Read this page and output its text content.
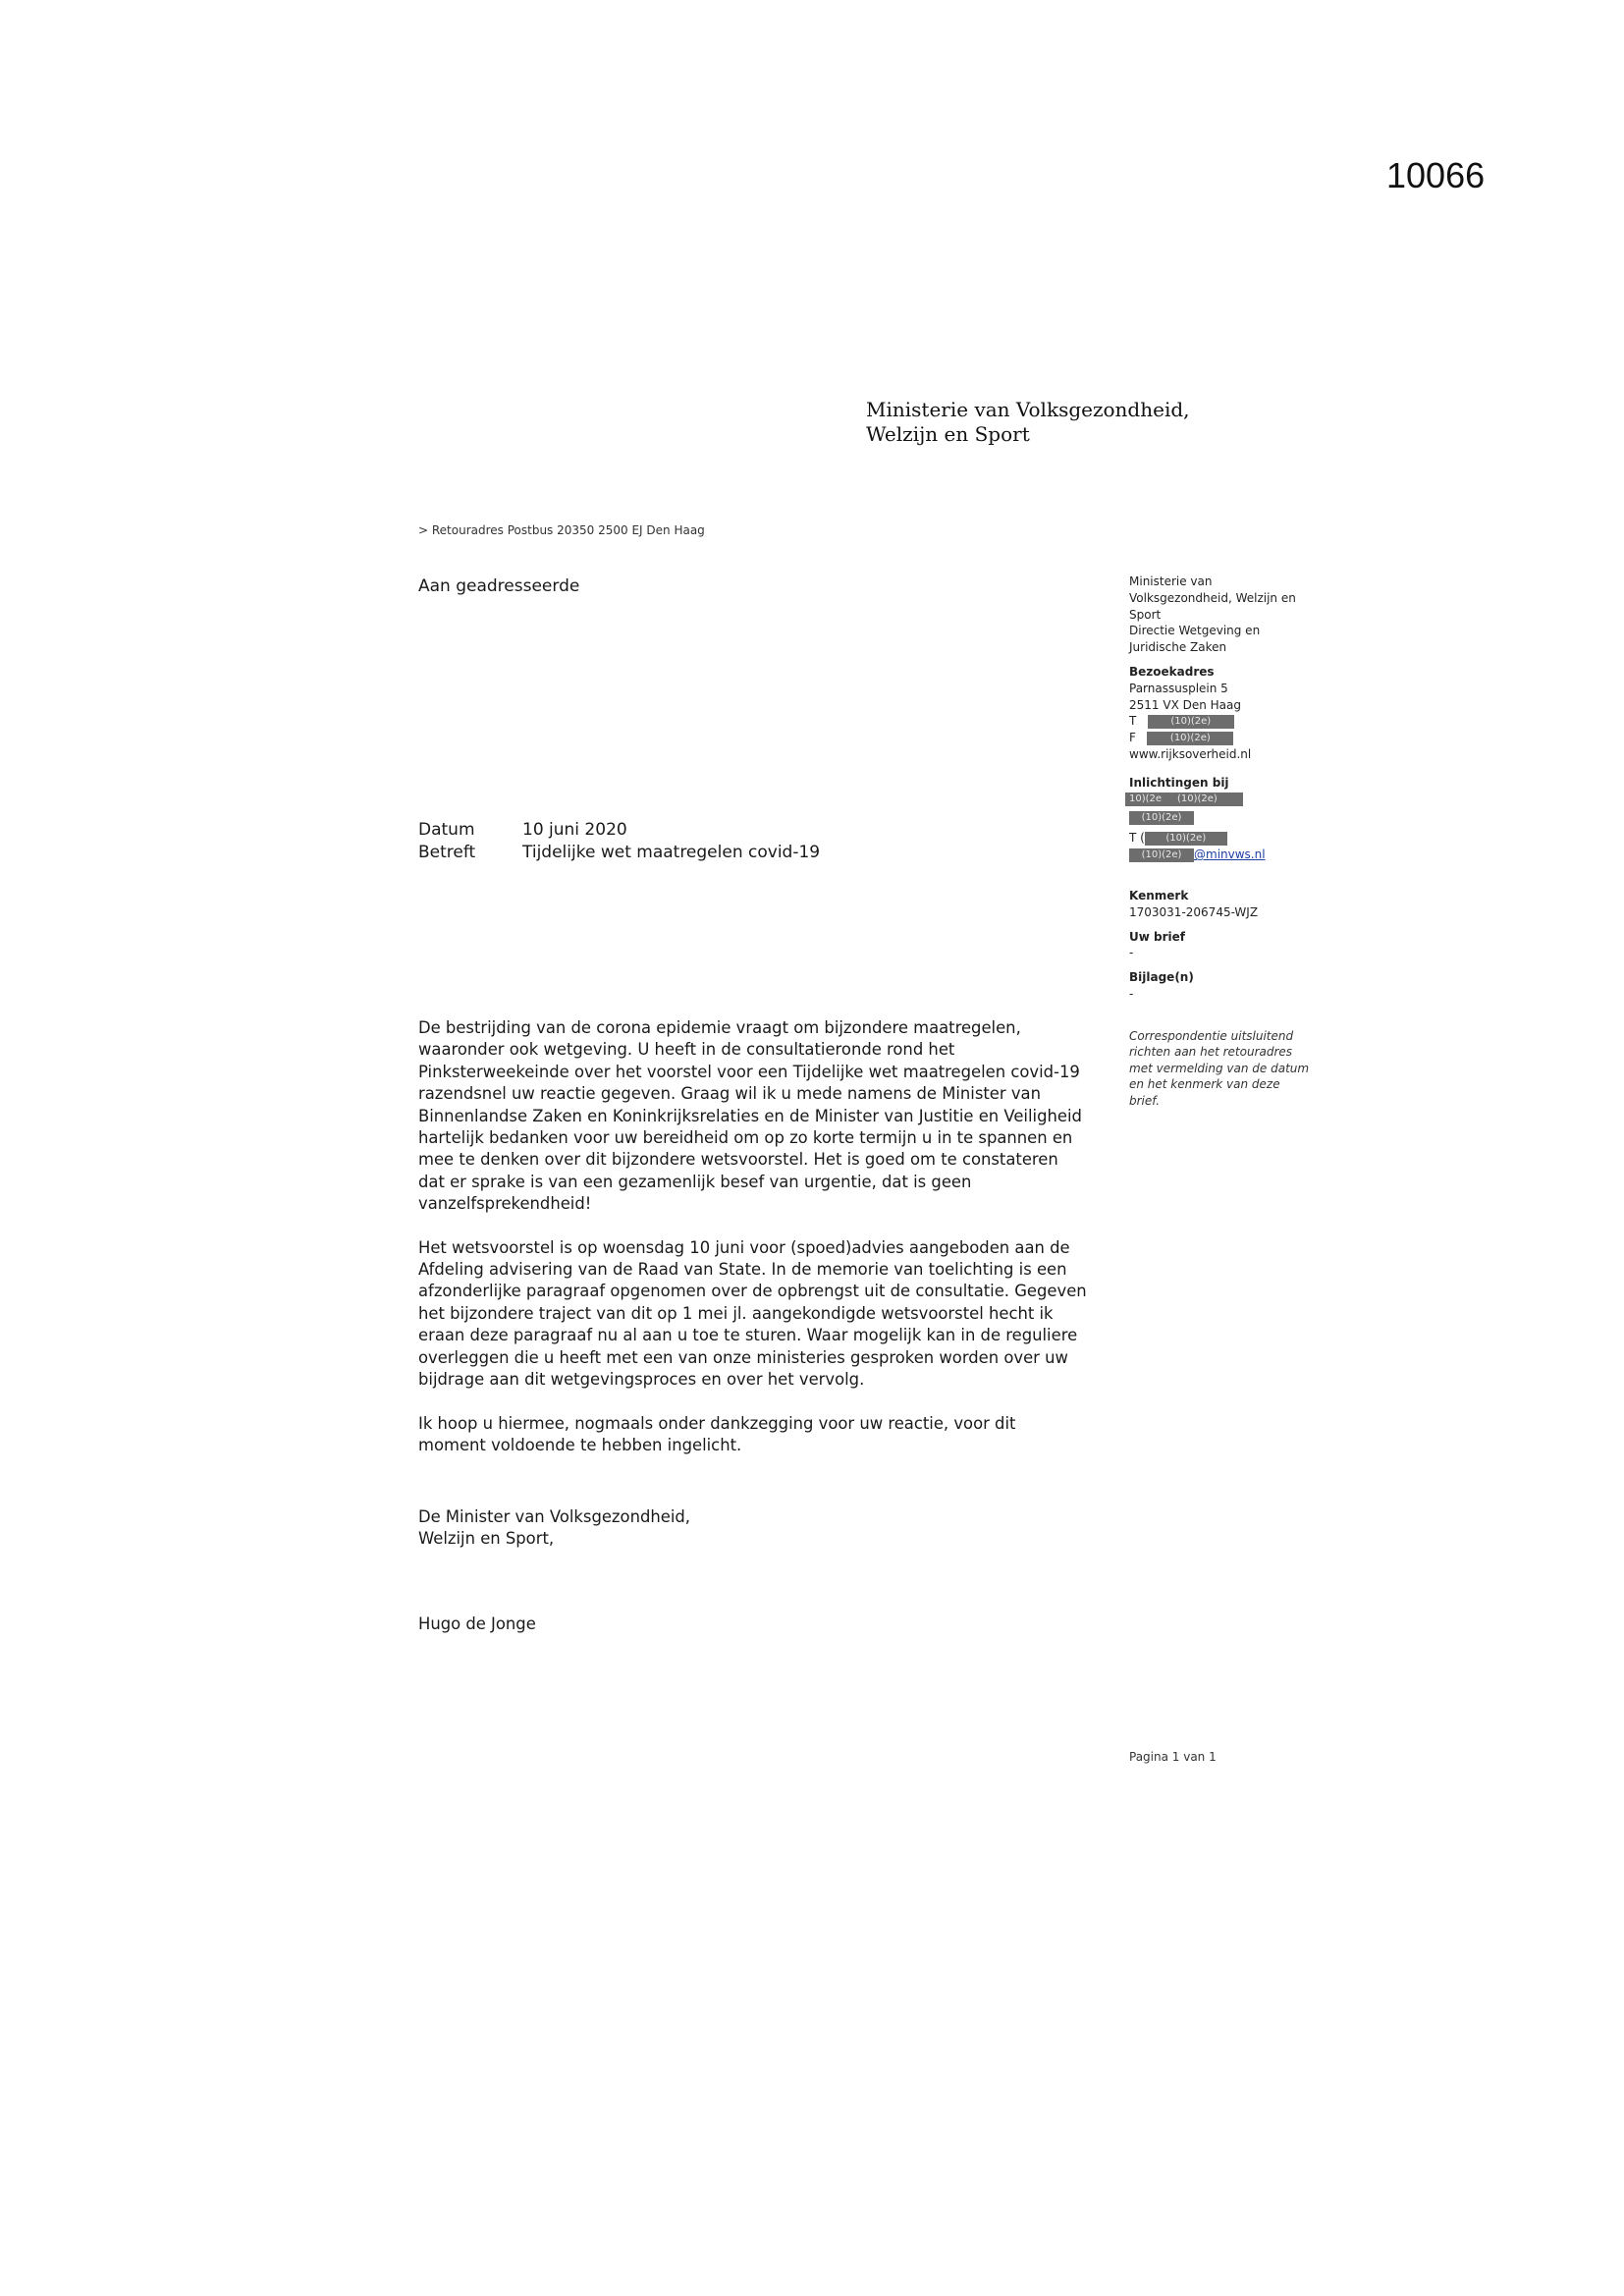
10066
Ministerie van Volksgezondheid,
Welzijn en Sport
> Retouradres Postbus 20350 2500 EJ Den Haag
Aan geadresseerde	Ministerie van
Volksgezondheid, Welzijn en
Sport
Directie Wetgeving en
Juridische Zaken
Bezoekadres
Parnassusplein 5
2511 VX Den Haag
T	(10)(2e)
F	(10)(2e)
www.rijksoverheid.nl
Inlichtingen bij
10)(2e (10)(2e)
(10)(2e)
T ( (10)(2e)
(10)(2e) @minvws.nl
Kenmerk
1703031-206745-WJZ
Uw brief
-
Bijlage(n)
-
Datum	10 juni 2020
Betreft	Tijdelijke wet maatregelen covid-19

De bestrijding van de corona epidemie vraagt om bijzondere maatregelen,
waaronder ook wetgeving. U heeft in de consultatieronde rond het
Pinksterweekeinde over het voorstel voor een Tijdelijke wet maatregelen covid-19
razendsnel uw reactie gegeven. Graag wil ik u mede namens de Minister van
Binnenlandse Zaken en Koninkrijksrelaties en de Minister van Justitie en Veiligheid
hartelijk bedanken voor uw bereidheid om op zo korte termijn u in te spannen en
mee te denken over dit bijzondere wetsvoorstel. Het is goed om te constateren
dat er sprake is van een gezamenlijk besef van urgentie, dat is geen
vanzelfsprekendheid!

Het wetsvoorstel is op woensdag 10 juni voor (spoed)advies aangeboden aan de
Afdeling advisering van de Raad van State. In de memorie van toelichting is een
afzonderlijke paragraaf opgenomen over de opbrengst uit de consultatie. Gegeven
het bijzondere traject van dit op 1 mei jl. aangekondigde wetsvoorstel hecht ik
eraan deze paragraaf nu al aan u toe te sturen. Waar mogelijk kan in de reguliere
overleggen die u heeft met een van onze ministeries gesproken worden over uw
bijdrage aan dit wetgevingsproces en over het vervolg.

Ik hoop u hiermee, nogmaals onder dankzegging voor uw reactie, voor dit
moment voldoende te hebben ingelicht.

De Minister van Volksgezondheid,
Welzijn en Sport,
Hugo de Jonge
Correspondentie uitsluitend
richten aan het retouradres
met vermelding van de datum
en het kenmerk van deze
brief.
Pagina 1 van 1
